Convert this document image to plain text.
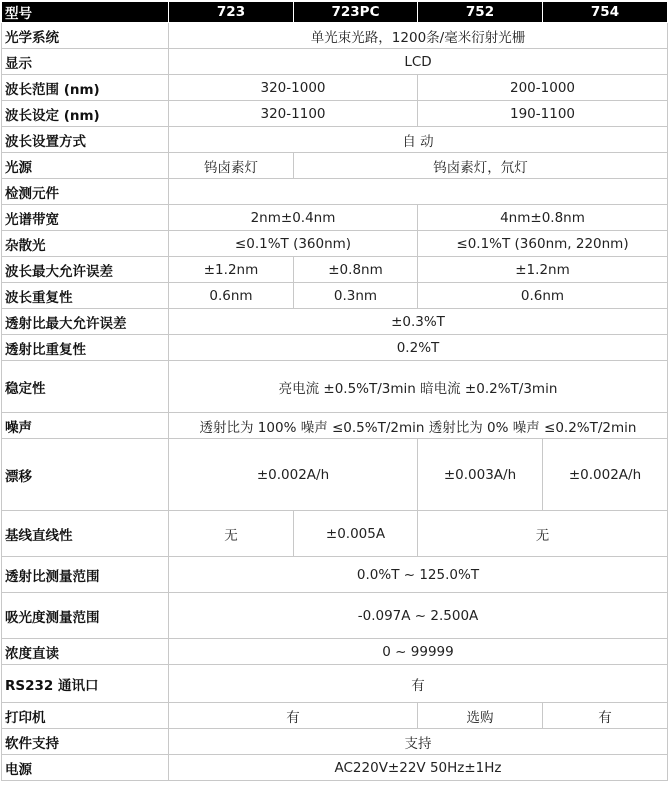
型号	723	723PC	752	754
光学系统	单光束光路，1200条/毫米衍射光栅			
显示	LCD			
波长范围 (nm)	320-1000		200-1000	
波长设定 (nm)	320-1100		190-1100	
波长设置方式	自 动			
光源	钨卤素灯	钨卤素灯，氘灯		
检测元件				
光谱带宽	2nm±0.4nm		4nm±0.8nm	
杂散光	≤0.1%T (360nm)		≤0.1%T (360nm, 220nm)	
波长最大允许误差	±1.2nm	±0.8nm	±1.2nm	
波长重复性	0.6nm	0.3nm	0.6nm	
透射比最大允许误差	±0.3%T			
透射比重复性	0.2%T			
稳定性	亮电流 ±0.5%T/3min 暗电流 ±0.2%T/3min			
噪声	透射比为 100% 噪声 ≤0.5%T/2min 透射比为 0% 噪声 ≤0.2%T/2min			
漂移	±0.002A/h		±0.003A/h	±0.002A/h
基线直线性	无	±0.005A	无	
透射比测量范围	0.0%T ~ 125.0%T			
吸光度测量范围	-0.097A ~ 2.500A			
浓度直读	0 ~ 99999			
RS232 通讯口	有			
打印机	有		选购	有
软件支持	支持			
电源	AC220V±22V 50Hz±1Hz			
